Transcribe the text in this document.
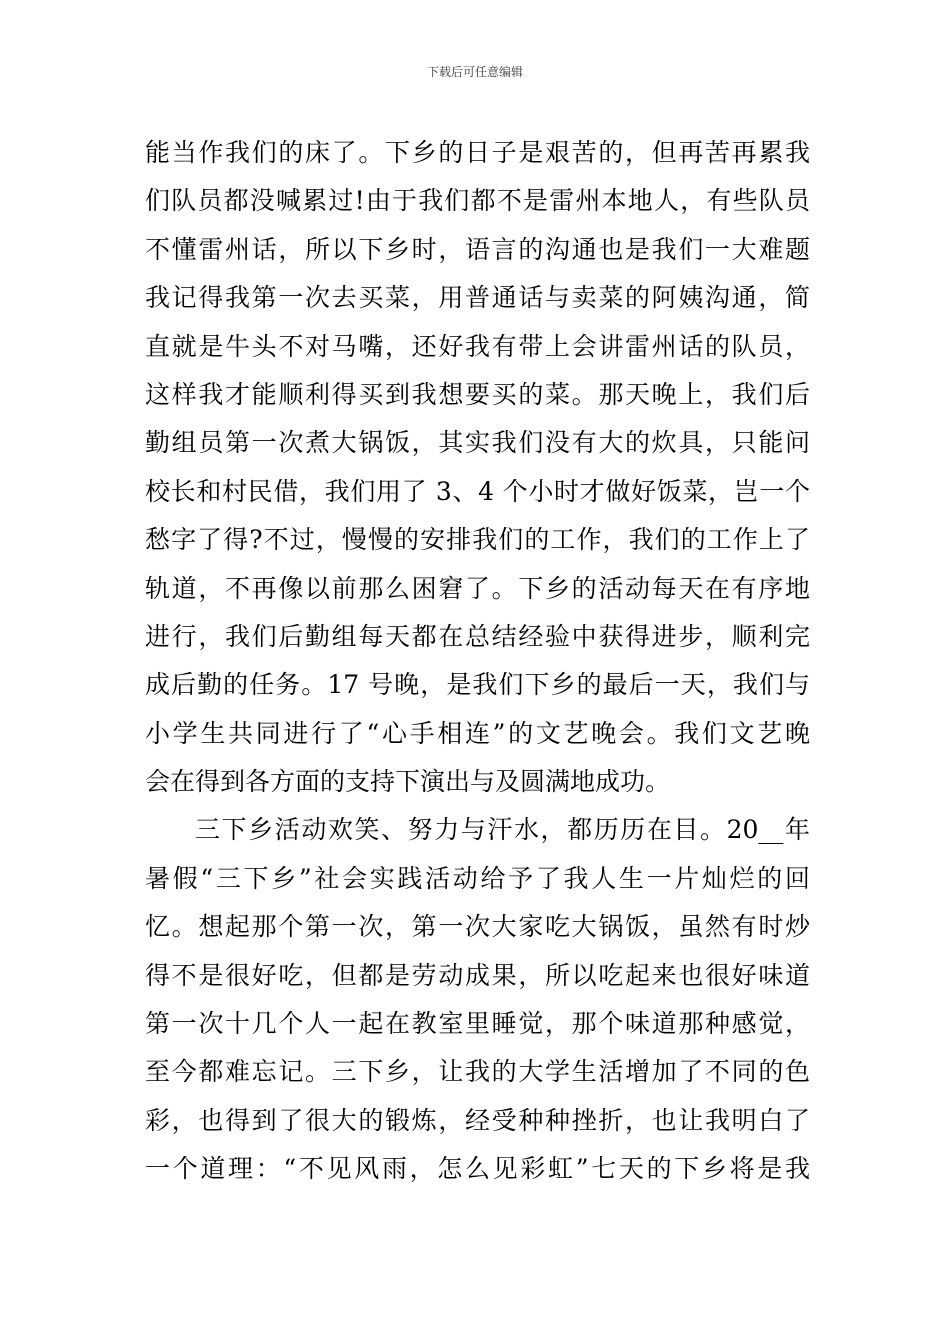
下载后可任意编辑
能当作我们的床了。下乡的日子是艰苦的，但再苦再累我
们队员都没喊累过!由于我们都不是雷州本地人，有些队员
不懂雷州话，所以下乡时，语言的沟通也是我们一大难题
我记得我第一次去买菜，用普通话与卖菜的阿姨沟通，简
直就是牛头不对马嘴，还好我有带上会讲雷州话的队员，
这样我才能顺利得买到我想要买的菜。那天晚上，我们后
勤组员第一次煮大锅饭，其实我们没有大的炊具，只能问
校长和村民借，我们用了 3、4 个小时才做好饭菜，岂一个
愁字了得?不过，慢慢的安排我们的工作，我们的工作上了
轨道，不再像以前那么困窘了。下乡的活动每天在有序地
进行，我们后勤组每天都在总结经验中获得进步，顺利完
成后勤的任务。17 号晚，是我们下乡的最后一天，我们与
小学生共同进行了“心手相连”的文艺晚会。我们文艺晚
会在得到各方面的支持下演出与及圆满地成功。
三下乡活动欢笑、努力与汗水，都历历在目。20__年
暑假“三下乡”社会实践活动给予了我人生一片灿烂的回
忆。想起那个第一次，第一次大家吃大锅饭，虽然有时炒
得不是很好吃，但都是劳动成果，所以吃起来也很好味道
第一次十几个人一起在教室里睡觉，那个味道那种感觉，
至今都难忘记。三下乡，让我的大学生活增加了不同的色
彩，也得到了很大的锻炼，经受种种挫折，也让我明白了
一个道理：“不见风雨，怎么见彩虹”七天的下乡将是我
